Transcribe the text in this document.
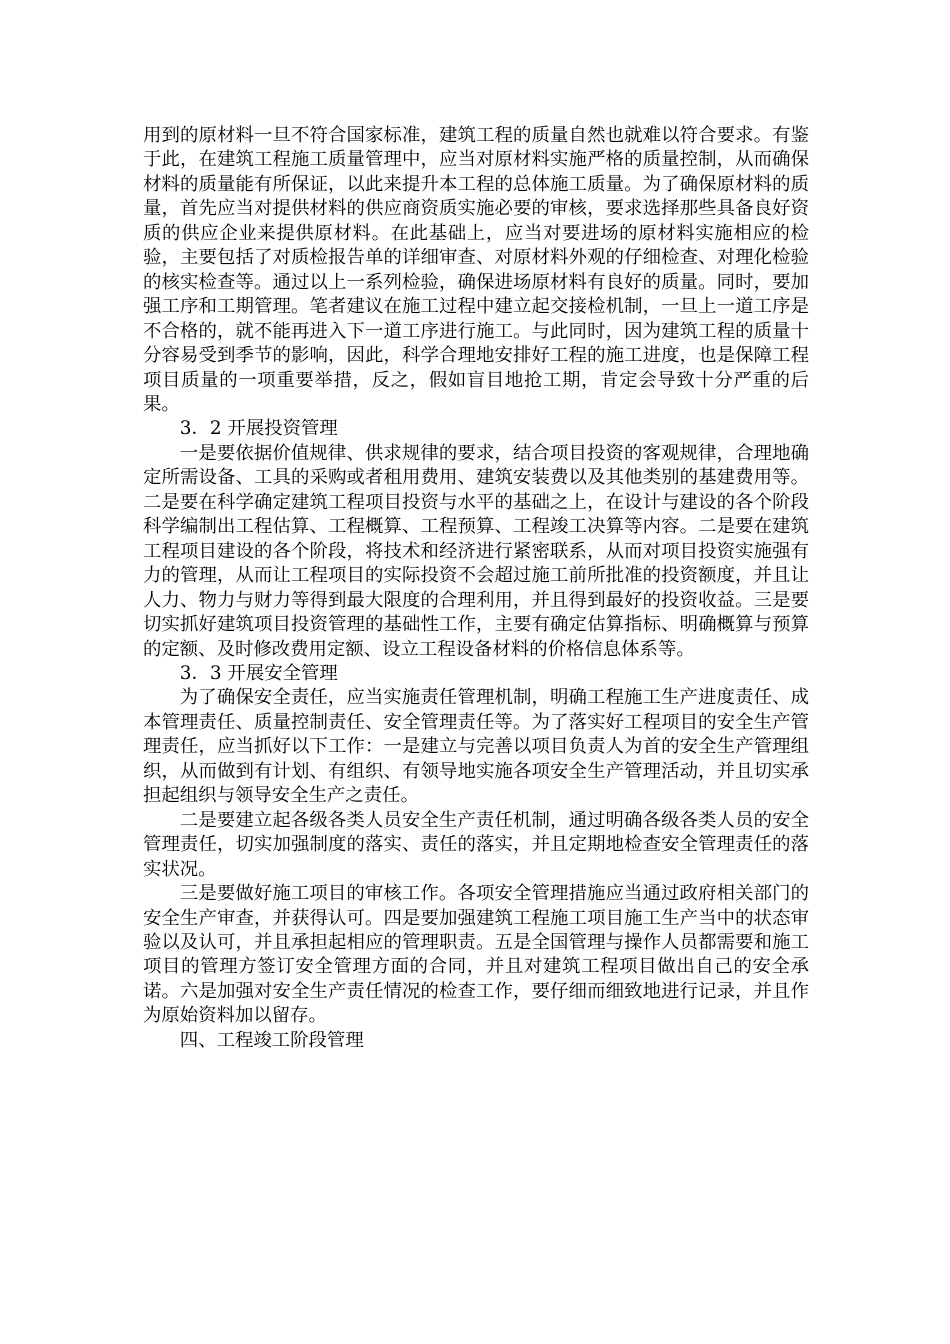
用到的原材料一旦不符合国家标准，建筑工程的质量自然也就难以符合要求。有鉴于此，在建筑工程施工质量管理中，应当对原材料实施严格的质量控制，从而确保材料的质量能有所保证，以此来提升本工程的总体施工质量。为了确保原材料的质量，首先应当对提供材料的供应商资质实施必要的审核，要求选择那些具备良好资质的供应企业来提供原材料。在此基础上，应当对要进场的原材料实施相应的检验，主要包括了对质检报告单的详细审查、对原材料外观的仔细检查、对理化检验的核实检查等。通过以上一系列检验，确保进场原材料有良好的质量。同时，要加强工序和工期管理。笔者建议在施工过程中建立起交接检机制，一旦上一道工序是不合格的，就不能再进入下一道工序进行施工。与此同时，因为建筑工程的质量十分容易受到季节的影响，因此，科学合理地安排好工程的施工进度，也是保障工程项目质量的一项重要举措，反之，假如盲目地抢工期，肯定会导致十分严重的后果。

3．2 开展投资管理

一是要依据价值规律、供求规律的要求，结合项目投资的客观规律，合理地确定所需设备、工具的采购或者租用费用、建筑安装费以及其他类别的基建费用等。二是要在科学确定建筑工程项目投资与水平的基础之上，在设计与建设的各个阶段科学编制出工程估算、工程概算、工程预算、工程竣工决算等内容。二是要在建筑工程项目建设的各个阶段，将技术和经济进行紧密联系，从而对项目投资实施强有力的管理，从而让工程项目的实际投资不会超过施工前所批准的投资额度，并且让人力、物力与财力等得到最大限度的合理利用，并且得到最好的投资收益。三是要切实抓好建筑项目投资管理的基础性工作，主要有确定估算指标、明确概算与预算的定额、及时修改费用定额、设立工程设备材料的价格信息体系等。

3．3 开展安全管理

为了确保安全责任，应当实施责任管理机制，明确工程施工生产进度责任、成本管理责任、质量控制责任、安全管理责任等。为了落实好工程项目的安全生产管理责任，应当抓好以下工作：一是建立与完善以项目负责人为首的安全生产管理组织，从而做到有计划、有组织、有领导地实施各项安全生产管理活动，并且切实承担起组织与领导安全生产之责任。

二是要建立起各级各类人员安全生产责任机制，通过明确各级各类人员的安全管理责任，切实加强制度的落实、责任的落实，并且定期地检查安全管理责任的落实状况。

三是要做好施工项目的审核工作。各项安全管理措施应当通过政府相关部门的安全生产审查，并获得认可。四是要加强建筑工程施工项目施工生产当中的状态审验以及认可，并且承担起相应的管理职责。五是全国管理与操作人员都需要和施工项目的管理方签订安全管理方面的合同，并且对建筑工程项目做出自己的安全承诺。六是加强对安全生产责任情况的检查工作，要仔细而细致地进行记录，并且作为原始资料加以留存。

四、工程竣工阶段管理
